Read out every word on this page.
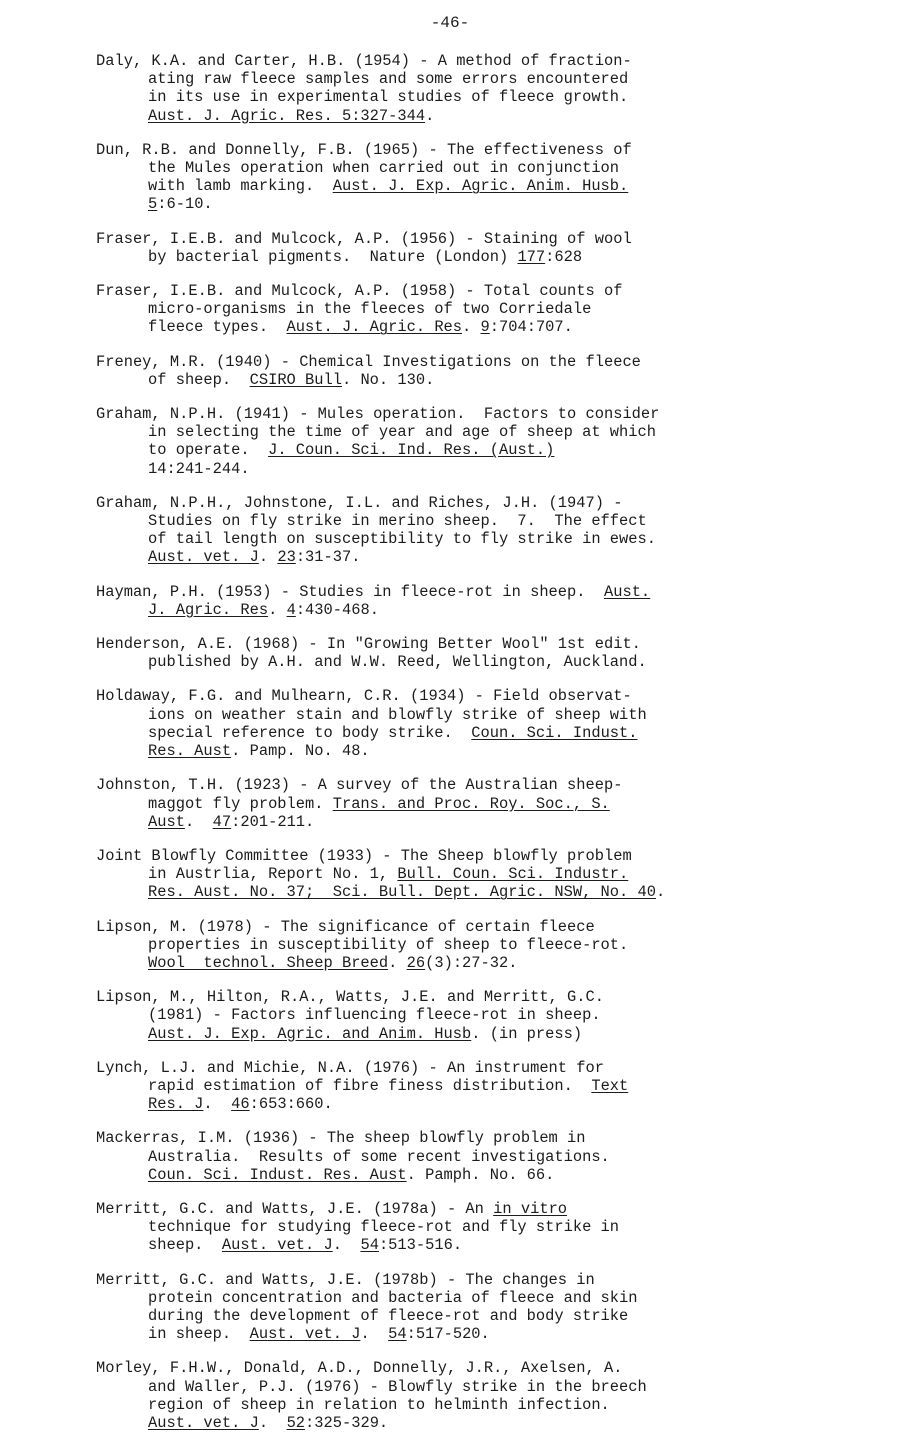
-46-
Daly, K.A. and Carter, H.B. (1954) - A method of fraction-
ating raw fleece samples and some errors encountered
in its use in experimental studies of fleece growth.
Aust. J. Agric. Res. 5:327-344.
Dun, R.B. and Donnelly, F.B. (1965) - The effectiveness of
the Mules operation when carried out in conjunction
with lamb marking.  Aust. J. Exp. Agric. Anim. Husb.
5:6-10.
Fraser, I.E.B. and Mulcock, A.P. (1956) - Staining of wool
by bacterial pigments.  Nature (London) 177:628
Fraser, I.E.B. and Mulcock, A.P. (1958) - Total counts of
micro-organisms in the fleeces of two Corriedale
fleece types.  Aust. J. Agric. Res. 9:704:707.
Freney, M.R. (1940) - Chemical Investigations on the fleece
of sheep.  CSIRO Bull. No. 130.
Graham, N.P.H. (1941) - Mules operation.  Factors to consider
in selecting the time of year and age of sheep at which
to operate.  J. Coun. Sci. Ind. Res. (Aust.)
14:241-244.
Graham, N.P.H., Johnstone, I.L. and Riches, J.H. (1947) -
Studies on fly strike in merino sheep.  7.  The effect
of tail length on susceptibility to fly strike in ewes.
Aust. vet. J. 23:31-37.
Hayman, P.H. (1953) - Studies in fleece-rot in sheep.  Aust.
J. Agric. Res. 4:430-468.
Henderson, A.E. (1968) - In "Growing Better Wool" 1st edit.
published by A.H. and W.W. Reed, Wellington, Auckland.
Holdaway, F.G. and Mulhearn, C.R. (1934) - Field observat-
ions on weather stain and blowfly strike of sheep with
special reference to body strike.  Coun. Sci. Indust.
Res. Aust. Pamp. No. 48.
Johnston, T.H. (1923) - A survey of the Australian sheep-
maggot fly problem. Trans. and Proc. Roy. Soc., S.
Aust.  47:201-211.
Joint Blowfly Committee (1933) - The Sheep blowfly problem
in Austrlia, Report No. 1, Bull. Coun. Sci. Industr.
Res. Aust. No. 37;  Sci. Bull. Dept. Agric. NSW, No. 40.
Lipson, M. (1978) - The significance of certain fleece
properties in susceptibility of sheep to fleece-rot.
Wool  technol. Sheep Breed. 26(3):27-32.
Lipson, M., Hilton, R.A., Watts, J.E. and Merritt, G.C.
(1981) - Factors influencing fleece-rot in sheep.
Aust. J. Exp. Agric. and Anim. Husb. (in press)
Lynch, L.J. and Michie, N.A. (1976) - An instrument for
rapid estimation of fibre finess distribution.  Text
Res. J.  46:653:660.
Mackerras, I.M. (1936) - The sheep blowfly problem in
Australia.  Results of some recent investigations.
Coun. Sci. Indust. Res. Aust. Pamph. No. 66.
Merritt, G.C. and Watts, J.E. (1978a) - An in vitro
technique for studying fleece-rot and fly strike in
sheep.  Aust. vet. J.  54:513-516.
Merritt, G.C. and Watts, J.E. (1978b) - The changes in
protein concentration and bacteria of fleece and skin
during the development of fleece-rot and body strike
in sheep.  Aust. vet. J.  54:517-520.
Morley, F.H.W., Donald, A.D., Donnelly, J.R., Axelsen, A.
and Waller, P.J. (1976) - Blowfly strike in the breech
region of sheep in relation to helminth infection.
Aust. vet. J.  52:325-329.
